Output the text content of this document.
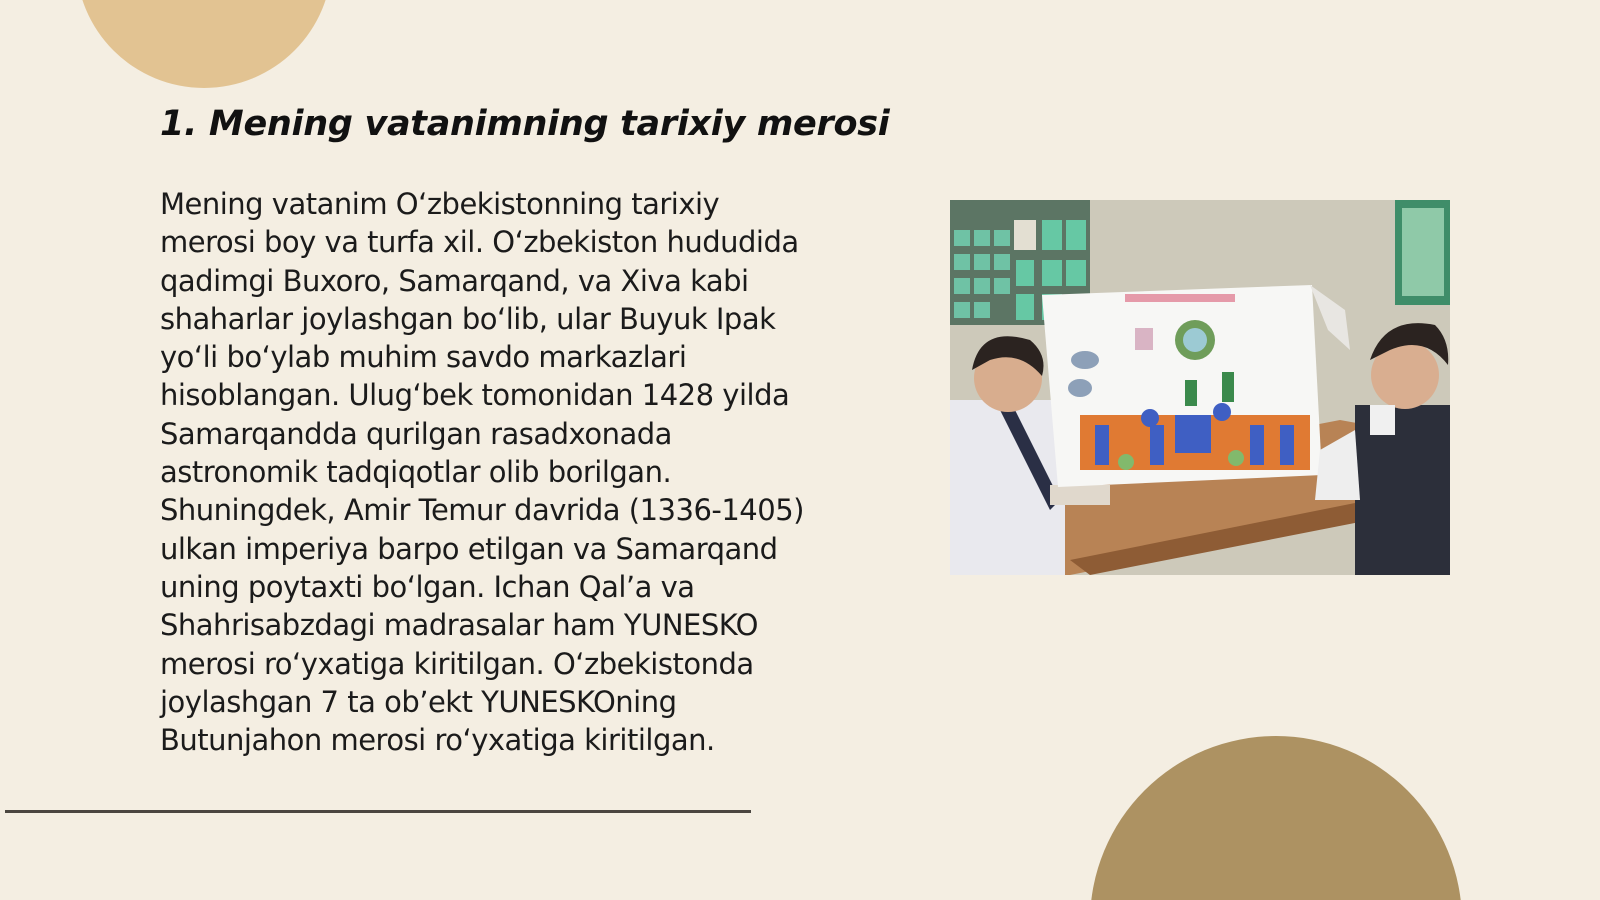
1. Mening vatanimning tarixiy merosi

Mening vatanim Oʻzbekistonning tarixiy
merosi boy va turfa xil. Oʻzbekiston hududida
qadimgi Buxoro, Samarqand, va Xiva kabi
shaharlar joylashgan boʻlib, ular Buyuk Ipak
yoʻli boʻylab muhim savdo markazlari
hisoblangan. Ulugʻbek tomonidan 1428 yilda
Samarqandda qurilgan rasadxonada
astronomik tadqiqotlar olib borilgan.
Shuningdek, Amir Temur davrida (1336-1405)
ulkan imperiya barpo etilgan va Samarqand
uning poytaxti boʻlgan. Ichan Qalʼa va
Shahrisabzdagi madrasalar ham YUNESKO
merosi roʻyxatiga kiritilgan. Oʻzbekistonda
joylashgan 7 ta obʼekt YUNESKOning
Butunjahon merosi roʻyxatiga kiritilgan.
